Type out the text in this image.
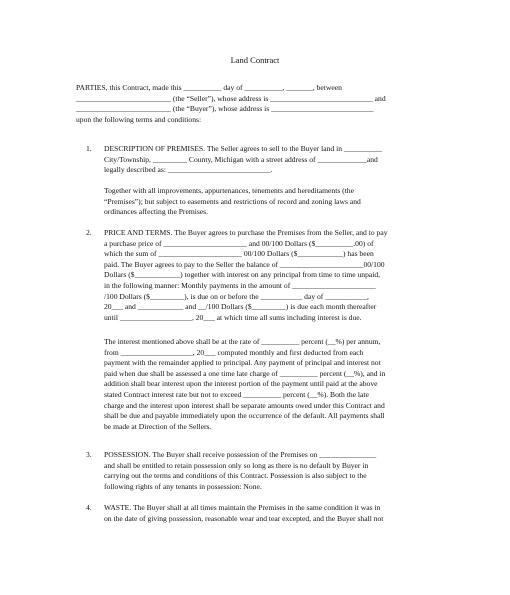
Land Contract
PARTIES, this Contract, made this __________ day of __________, _______, between
_________________________ (the “Seller”), whose address is ___________________________ and
_________________________ (the “Buyer”), whose address is ___________________________
upon the following terms and conditions:
1. DESCRIPTION OF PREMISES. The Seller agrees to sell to the Buyer land in __________
City/Township, _________ County, Michigan with a street address of _____________and
legally described as: ___________________________.
Together with all improvements, appurtenances, tenements and hereditaments (the
“Premises”); but subject to easements and restrictions of record and zoning laws and
ordinances affecting the Premises.
2. PRICE AND TERMS. The Buyer agrees to purchase the Premises from the Seller, and to pay
a purchase price of ______________________ and 00/100 Dollars ($__________.00) of
which the sum of ______________________ 00/100 Dollars ($____________) has been
paid. The Buyer agrees to pay to the Seller the balance of ______________________00/100
Dollars ($____________) together with interest on any principal from time to time unpaid,
in the following manner: Monthly payments in the amount of ______________________
/100 Dollars ($_________), is due on or before the ___________ day of ___________,
20___ and ____________ and __/100 Dollars ($_________) is due each month thereafter
until ___________________, 20___ at which time all sums including interest is due.
The interest mentioned above shall be at the rate of __________ percent (__%) per annum,
from ___________________, 20___ computed monthly and first deducted from each
payment with the remainder applied to principal. Any payment of principal and interest not
paid when due shall be assessed a one time late charge of __________ percent (__%), and in
addition shall bear interest upon the interest portion of the payment until paid at the above
stated Contract interest rate but not to exceed __________ percent (__%). Both the late
charge and the interest upon interest shall be separate amounts owed under this Contract and
shall be due and payable immediately upon the occurrence of the default. All payments shall
be made at Direction of the Sellers.
3. POSSESSION. The Buyer shall receive possession of the Premises on _______________
and shall be entitled to retain possession only so long as there is no default by Buyer in
carrying out the terms and conditions of this Contract. Possession is also subject to the
following rights of any tenants in possession: None.
4. WASTE. The Buyer shall at all times maintain the Premises in the same condition it was in
on the date of giving possession, reasonable wear and tear excepted, and the Buyer shall not
